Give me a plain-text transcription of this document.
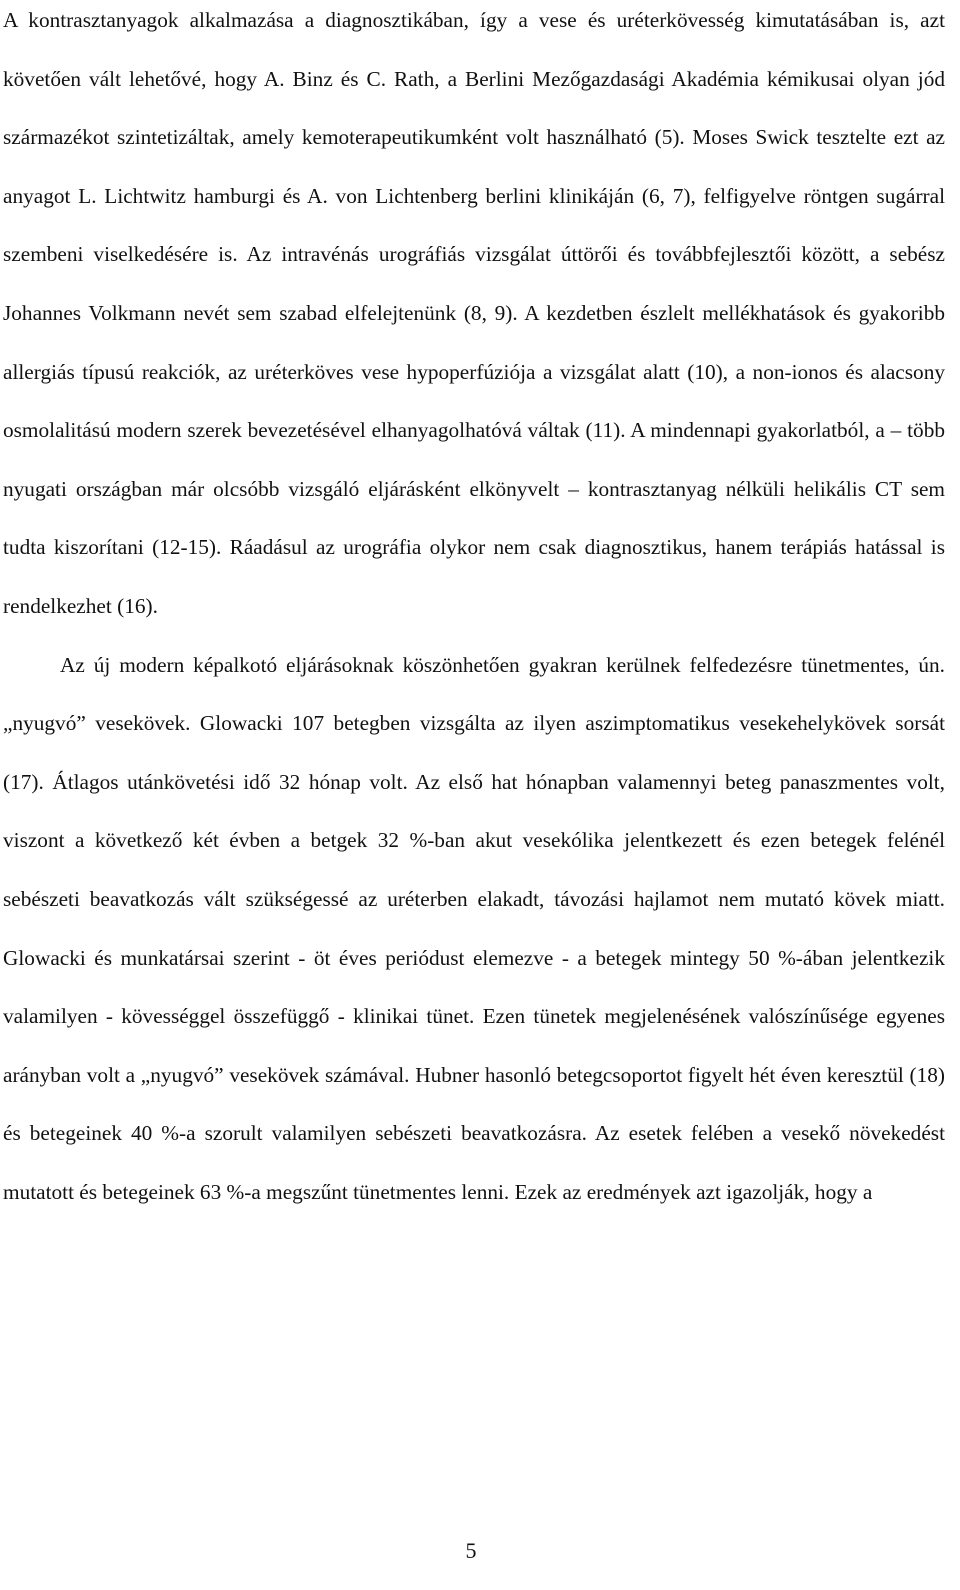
A kontrasztanyagok alkalmazása a diagnosztikában, így a vese és uréterkövesség kimutatásában is, azt követően vált lehetővé, hogy A. Binz és C. Rath, a Berlini Mezőgazdasági Akadémia kémikusai olyan jód származékot szintetizáltak, amely kemoterapeutikumként volt használható (5). Moses Swick tesztelte ezt az anyagot L. Lichtwitz hamburgi és A. von Lichtenberg berlini klinikáján (6, 7), felfigyelve röntgen sugárral szembeni viselkedésére is. Az intravénás urográfiás vizsgálat úttörői és továbbfejlesztői között, a sebész Johannes Volkmann nevét sem szabad elfelejtenünk (8, 9). A kezdetben észlelt mellékhatások és gyakoribb allergiás típusú reakciók, az uréterköves vese hypoperfúziója a vizsgálat alatt (10), a non-ionos és alacsony osmolalitású modern szerek bevezetésével elhanyagolhatóvá váltak (11). A mindennapi gyakorlatból, a – több nyugati országban már olcsóbb vizsgáló eljárásként elkönyvelt – kontrasztanyag nélküli helikális CT sem tudta kiszorítani (12-15). Ráadásul az urográfia olykor nem csak diagnosztikus, hanem terápiás hatással is rendelkezhet (16).

Az új modern képalkotó eljárásoknak köszönhetően gyakran kerülnek felfedezésre tünetmentes, ún. „nyugvó” vesekövek. Glowacki 107 betegben vizsgálta az ilyen aszimptomatikus vesekehelykövek sorsát (17). Átlagos utánkövetési idő 32 hónap volt. Az első hat hónapban valamennyi beteg panaszmentes volt, viszont a következő két évben a betgek 32 %-ban akut vesekólika jelentkezett és ezen betegek felénél sebészeti beavatkozás vált szükségessé az uréterben elakadt, távozási hajlamot nem mutató kövek miatt. Glowacki és munkatársai szerint - öt éves periódust elemezve - a betegek mintegy 50 %-ában jelentkezik valamilyen - kövességgel összefüggő - klinikai tünet. Ezen tünetek megjelenésének valószínűsége egyenes arányban volt a „nyugvó” vesekövek számával. Hubner hasonló betegcsoportot figyelt hét éven keresztül (18) és betegeinek 40 %-a szorult valamilyen sebészeti beavatkozásra. Az esetek felében a vesekő növekedést mutatott és betegeinek 63 %-a megszűnt tünetmentes lenni. Ezek az eredmények azt igazolják, hogy a

5
